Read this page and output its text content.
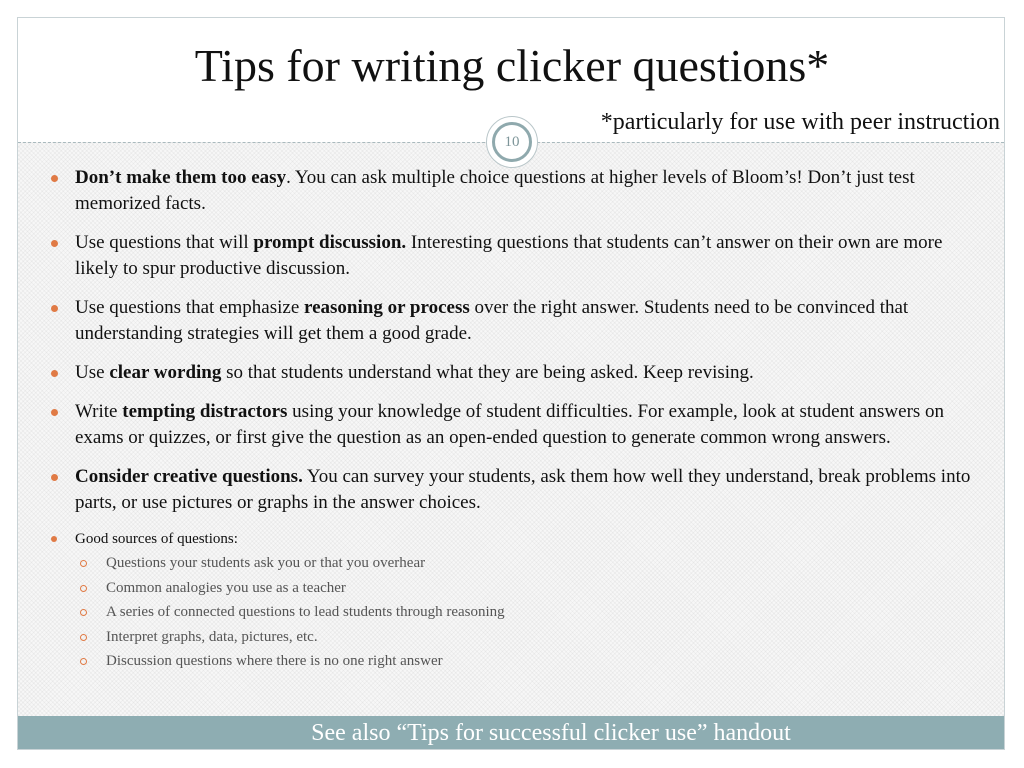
Tips for writing clicker questions*
*particularly for use with peer instruction
10
Don’t make them too easy. You can ask multiple choice questions at higher levels of Bloom’s! Don’t just test memorized facts.
Use questions that will prompt discussion. Interesting questions that students can’t answer on their own are more likely to spur productive discussion.
Use questions that emphasize reasoning or process over the right answer. Students need to be convinced that understanding strategies will get them a good grade.
Use clear wording so that students understand what they are being asked. Keep revising.
Write tempting distractors using your knowledge of student difficulties. For example, look at student answers on exams or quizzes, or first give the question as an open-ended question to generate common wrong answers.
Consider creative questions. You can survey your students, ask them how well they understand, break problems into parts, or use pictures or graphs in the answer choices.
Good sources of questions:
Questions your students ask you or that you overhear
Common analogies you use as a teacher
A series of connected questions to lead students through reasoning
Interpret graphs, data, pictures, etc.
Discussion questions where there is no one right answer
See also “Tips for successful clicker use” handout
